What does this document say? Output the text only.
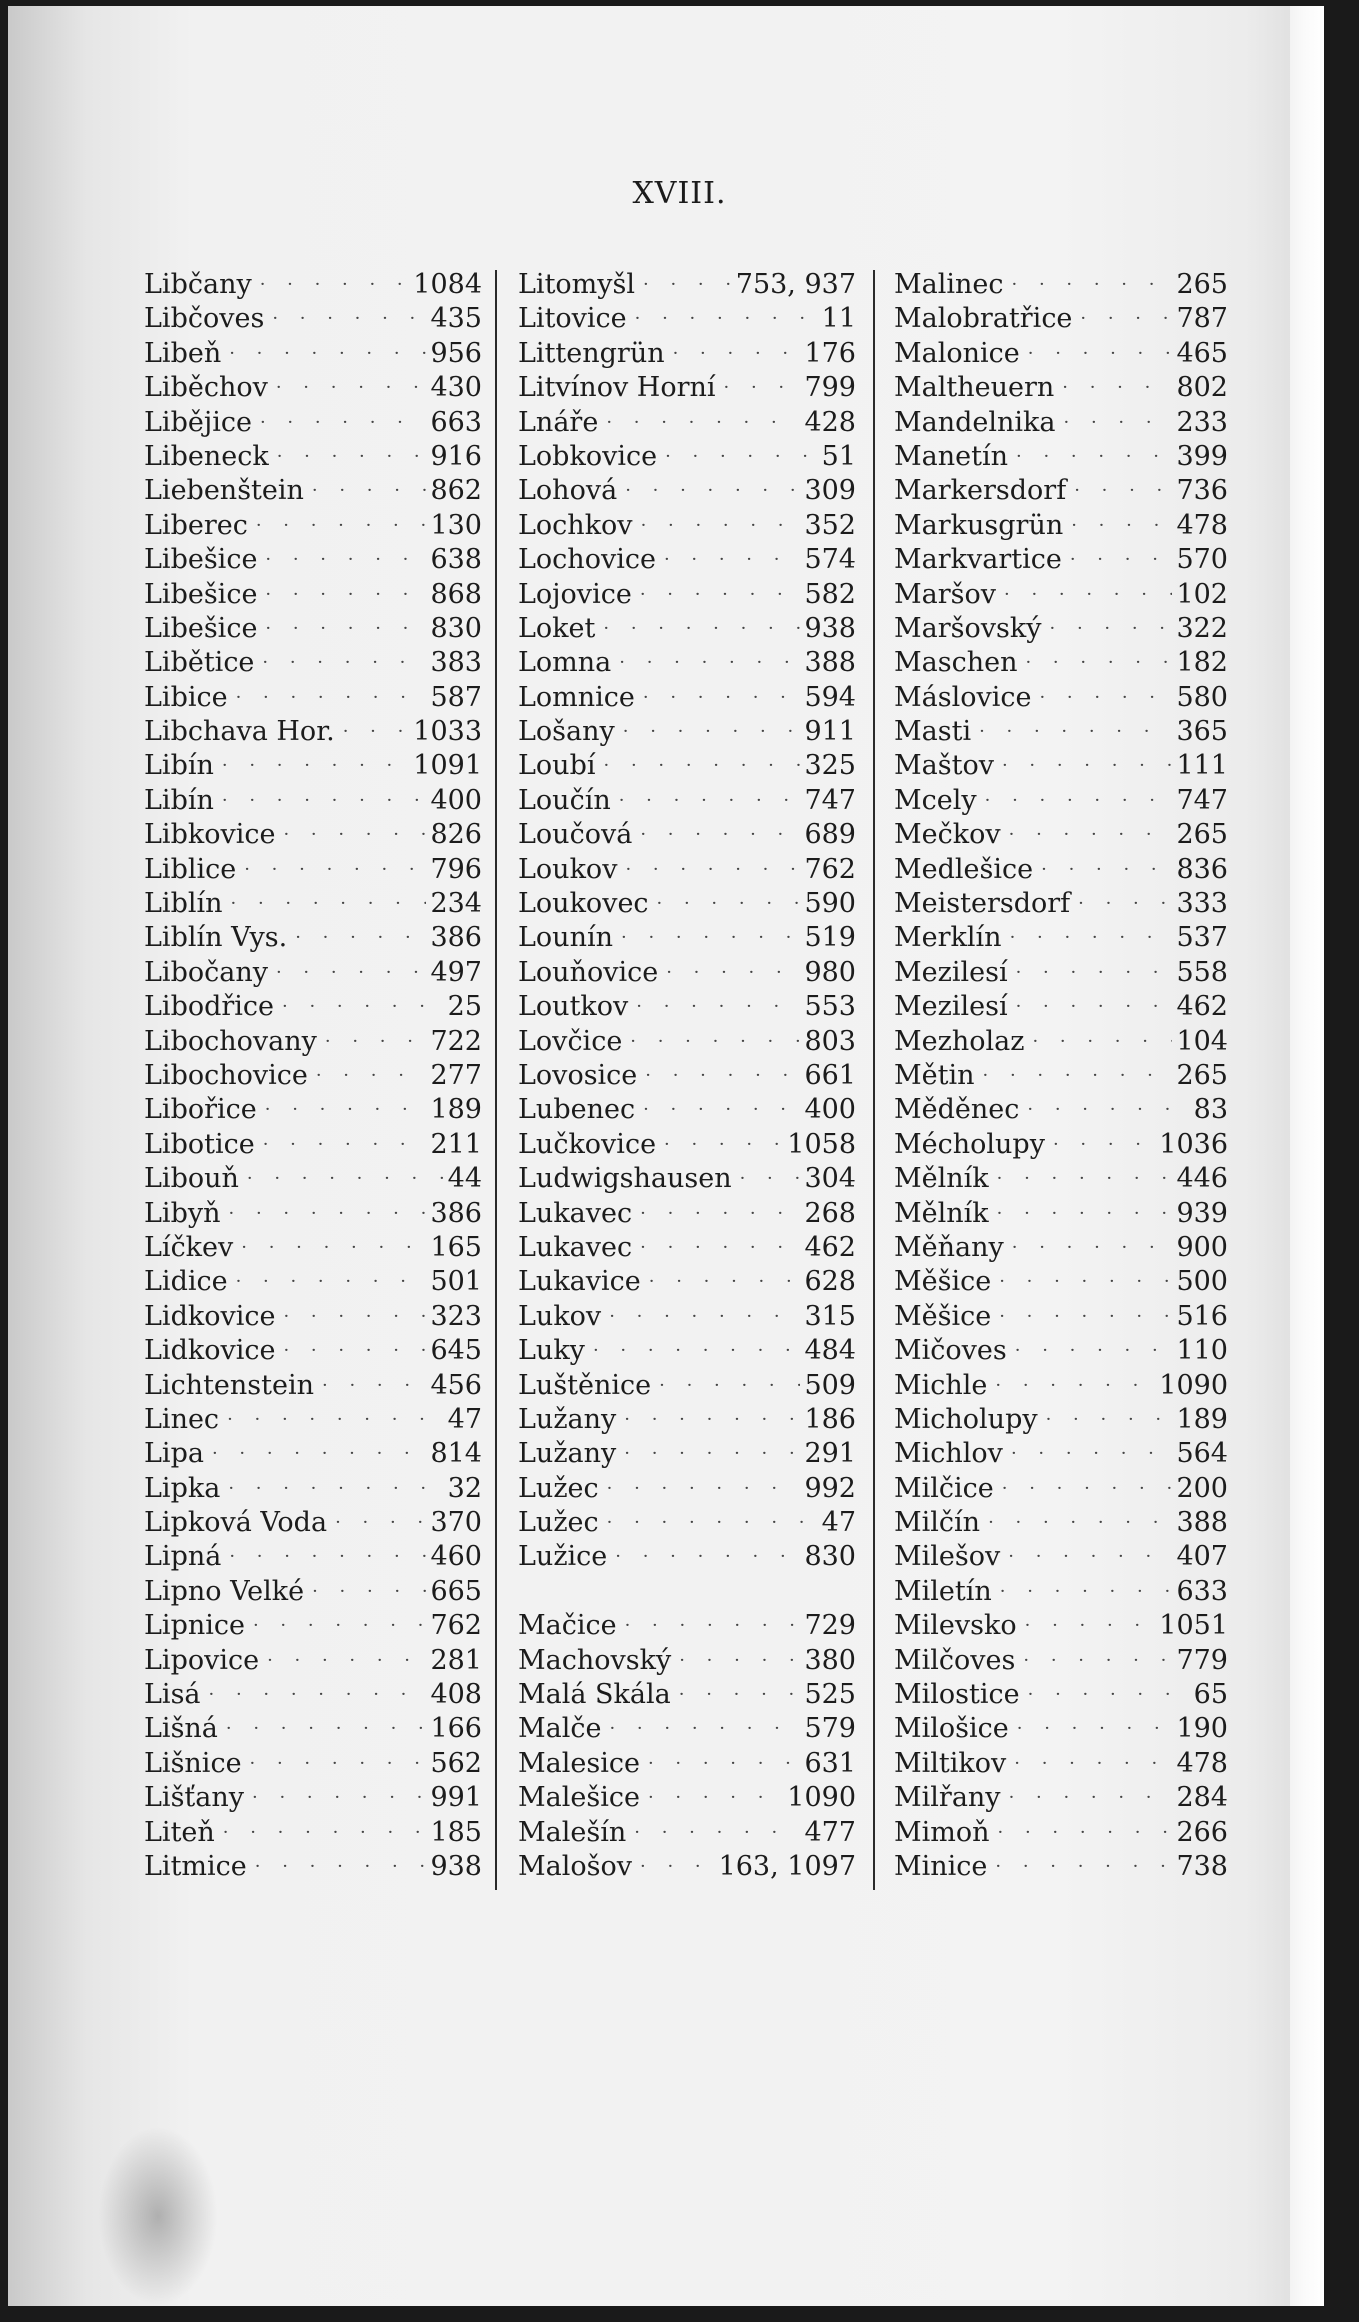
XVIII.
Libčany · · ·	1084
Libčoves · · ·	435
Libeň · · ·	956
Liběchov · · ·	430
Libějice · · ·	663
Libeneck · · ·	916
Liebenštein · · ·	862
Liberec · · ·	130
Libešice · · ·	638
Libešice · · ·	868
Libešice · · ·	830
Libětice · · ·	383
Libice · · ·	587
Libchava Hor. · · ·	1033
Libín · · ·	1091
Libín · · ·	400
Libkovice · · ·	826
Liblice · · ·	796
Liblín · · ·	234
Liblín Vys. · · ·	386
Libočany · · ·	497
Libodřice · · ·	25
Libochovany · · ·	722
Libochovice · · ·	277
Libořice · · ·	189
Libotice · · ·	211
Libouň · · ·	44
Libyň · · ·	386
Líčkev · · ·	165
Lidice · · ·	501
Lidkovice · · ·	323
Lidkovice · · ·	645
Lichtenstein · · ·	456
Linec · · ·	47
Lipa · · ·	814
Lipka · · ·	32
Lipková Voda · · ·	370
Lipná · · ·	460
Lipno Velké · · ·	665
Lipnice · · ·	762
Lipovice · · ·	281
Lisá · · ·	408
Lišná · · ·	166
Lišnice · · ·	562
Lišťany · · ·	991
Liteň · · ·	185
Litmice · · ·	938
Litomyšl · · ·	753, 937
Litovice · · ·	11
Littengrün · · ·	176
Litvínov Horní · · ·	799
Lnáře · · ·	428
Lobkovice · · ·	51
Lohová · · ·	309
Lochkov · · ·	352
Lochovice · · ·	574
Lojovice · · ·	582
Loket · · ·	938
Lomna · · ·	388
Lomnice · · ·	594
Lošany · · ·	911
Loubí · · ·	325
Loučín · · ·	747
Loučová · · ·	689
Loukov · · ·	762
Loukovec · · ·	590
Lounín · · ·	519
Louňovice · · ·	980
Loutkov · · ·	553
Lovčice · · ·	803
Lovosice · · ·	661
Lubenec · · ·	400
Lučkovice · · ·	1058
Ludwigshausen · · ·	304
Lukavec · · ·	268
Lukavec · · ·	462
Lukavice · · ·	628
Lukov · · ·	315
Luky · · ·	484
Luštěnice · · ·	509
Lužany · · ·	186
Lužany · · ·	291
Lužec · · ·	992
Lužec · · ·	47
Lužice · · ·	830
Mačice · · ·	729
Machovský · · ·	380
Malá Skála · · ·	525
Malče · · ·	579
Malesice · · ·	631
Malešice · · ·	1090
Malešín · · ·	477
Malošov · · ·	163, 1097
Malinec · · ·	265
Malobratřice · · ·	787
Malonice · · ·	465
Maltheuern · · ·	802
Mandelnika · · ·	233
Manetín · · ·	399
Markersdorf · · ·	736
Markusgrün · · ·	478
Markvartice · · ·	570
Maršov · · ·	102
Maršovský · · ·	322
Maschen · · ·	182
Máslovice · · ·	580
Masti · · ·	365
Maštov · · ·	111
Mcely · · ·	747
Mečkov · · ·	265
Medlešice · · ·	836
Meistersdorf · · ·	333
Merklín · · ·	537
Mezilesí · · ·	558
Mezilesí · · ·	462
Mezholaz · · ·	104
Mětin · · ·	265
Měděnec · · ·	83
Mécholupy · · ·	1036
Mělník · · ·	446
Mělník · · ·	939
Měňany · · ·	900
Měšice · · ·	500
Měšice · · ·	516
Mičoves · · ·	110
Michle · · ·	1090
Micholupy · · ·	189
Michlov · · ·	564
Milčice · · ·	200
Milčín · · ·	388
Milešov · · ·	407
Miletín · · ·	633
Milevsko · · ·	1051
Milčoves · · ·	779
Milostice · · ·	65
Milošice · · ·	190
Miltikov · · ·	478
Milřany · · ·	284
Mimoň · · ·	266
Minice · · ·	738
